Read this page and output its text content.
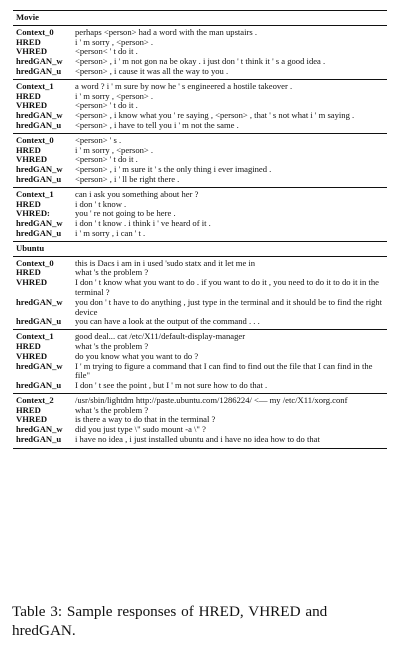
Movie	
Context_0	perhaps <person> had a word with the man upstairs .
HRED	i ' m sorry , <person> .
VHRED	<person< ' t do it .
hredGAN_w	<person> , i ' m not gon na be okay . i just don ' t think it ' s a good idea .
hredGAN_u	<person> , i cause it was all the way to you .
Context_1	a word ? i ' m sure by now he ' s engineered a hostile takeover .
HRED	i ' m sorry , <person> .
VHRED	<person> ' t do it .
hredGAN_w	<person> , i know what you ' re saying , <person> , that ' s not what i ' m saying .
hredGAN_u	<person> , i have to tell you i ' m not the same .
Context_0	<person> ' s .
HRED	i ' m sorry , <person> .
VHRED	<person> ' t do it .
hredGAN_w	<person> , i ' m sure it ' s the only thing i ever imagined .
hredGAN_u	<person> , i ' ll be right there .
Context_1	can i ask you something about her ?
HRED	i don ' t know .
VHRED:	you ' re not going to be here .
hredGAN_w	i don ' t know . i think i ' ve heard of it .
hredGAN_u	i ' m sorry , i can ' t .
Ubuntu	
Context_0	this is Dacs i am in i used 'sudo statx and it let me in
HRED	what 's the problem ?
VHRED	I don ' t know what you want to do . if you want to do it , you need to do it to do it in the terminal ?
hredGAN_w	you don ' t have to do anything , just type in the terminal and it should be to find the right device
hredGAN_u	you can have a look at the output of the command . . .
Context_1	good deal... cat /etc/X11/default-display-manager
HRED	what 's the problem ?
VHRED	do you know what you want to do ?
hredGAN_w	I ' m trying to figure a command that I can find to find out the file that I can find in the file"
hredGAN_u	I don ' t see the point , but I ' m not sure how to do that .
Context_2	/usr/sbin/lightdm http://paste.ubuntu.com/1286224/ <— my /etc/X11/xorg.conf
HRED	what 's the problem ?
VHRED	is there a way to do that in the terminal ?
hredGAN_w	did you just type \" sudo mount -a \" ?
hredGAN_u	i have no idea , i just installed ubuntu and i have no idea how to do that
Table 3: Sample responses of HRED, VHRED and hredGAN.
